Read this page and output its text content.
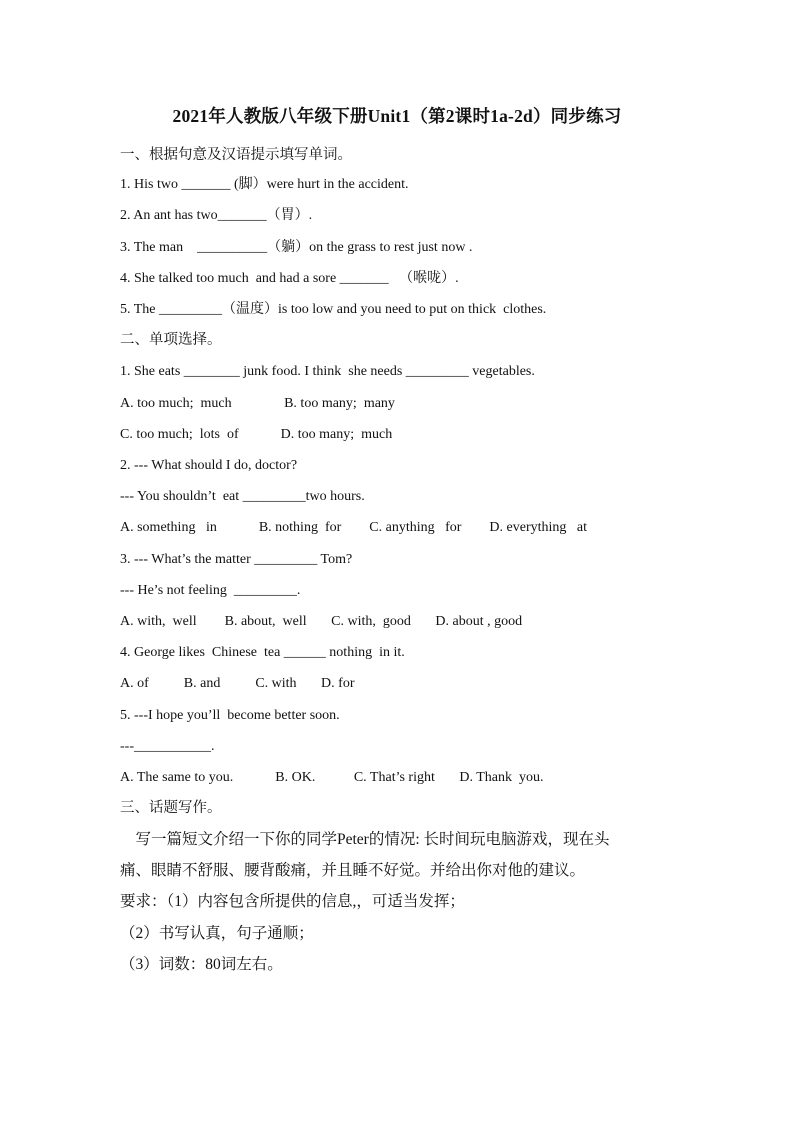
2021年人教版八年级下册Unit1（第2课时1a-2d）同步练习
一、根据句意及汉语提示填写单词。
1. His two _______ (脚）were hurt in the accident.
2. An ant has two_______（胃）.
3. The man    __________（躺）on the grass to rest just now .
4. She talked too much  and had a sore _______   （喉咙）.
5. The _________（温度）is too low and you need to put on thick  clothes.
二、单项选择。
1. She eats ________ junk food. I think  she needs _________ vegetables.
A. too much;  much               B. too many;  many
C. too much;  lots  of            D. too many;  much
2. --- What should I do, doctor?
--- You shouldn’t  eat _________two hours.
A. something   in            B. nothing  for        C. anything   for        D. everything   at
3. --- What’s the matter _________ Tom?
--- He’s not feeling  _________.
A. with,  well        B. about,  well       C. with,  good       D. about , good
4. George likes  Chinese  tea ______ nothing  in it.
A. of          B. and          C. with       D. for
5. ---I hope you’ll  become better soon.
---___________.
A. The same to you.            B. OK.           C. That’s right       D. Thank  you.
三、话题写作。
写一篇短文介绍一下你的同学Peter的情况: 长时间玩电脑游戏，现在头
痛、眼睛不舒服、腰背酸痛，并且睡不好觉。并给出你对他的建议。
要求：（1）内容包含所提供的信息,，可适当发挥；
（2）书写认真，句子通顺；
（3）词数：80词左右。
